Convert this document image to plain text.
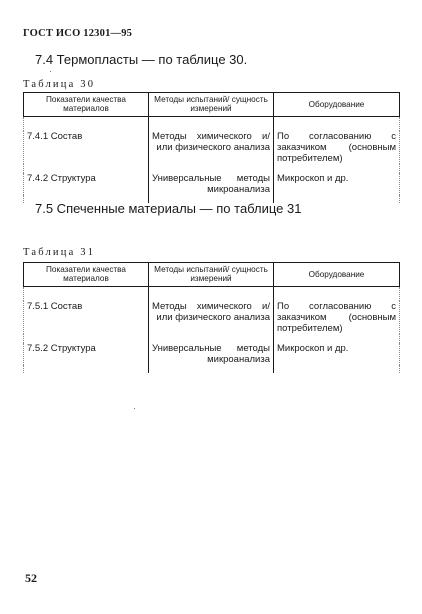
ГОСТ ИСО 12301—95
7.4 Термопласты — по таблице 30.
Таблица 30
Показатели качества материалов	Методы испытаний/ сущность измерений	Оборудование

7.4.1 Состав	Методы химического и/или физического анализа	По согласованию с заказчиком (основным потребителем)

7.4.2 Структура	Универсальные методы микроанализа	Микроскоп и др.

7.5 Спеченные материалы — по таблице 31
Таблица 31
Показатели качества материалов	Методы испытаний/ сущность измерений	Оборудование

7.5.1 Состав	Методы химического и/или физического анализа	По согласованию с заказчиком (основным потребителем)

7.5.2 Структура	Универсальные методы микроанализа	Микроскоп и др.

52
